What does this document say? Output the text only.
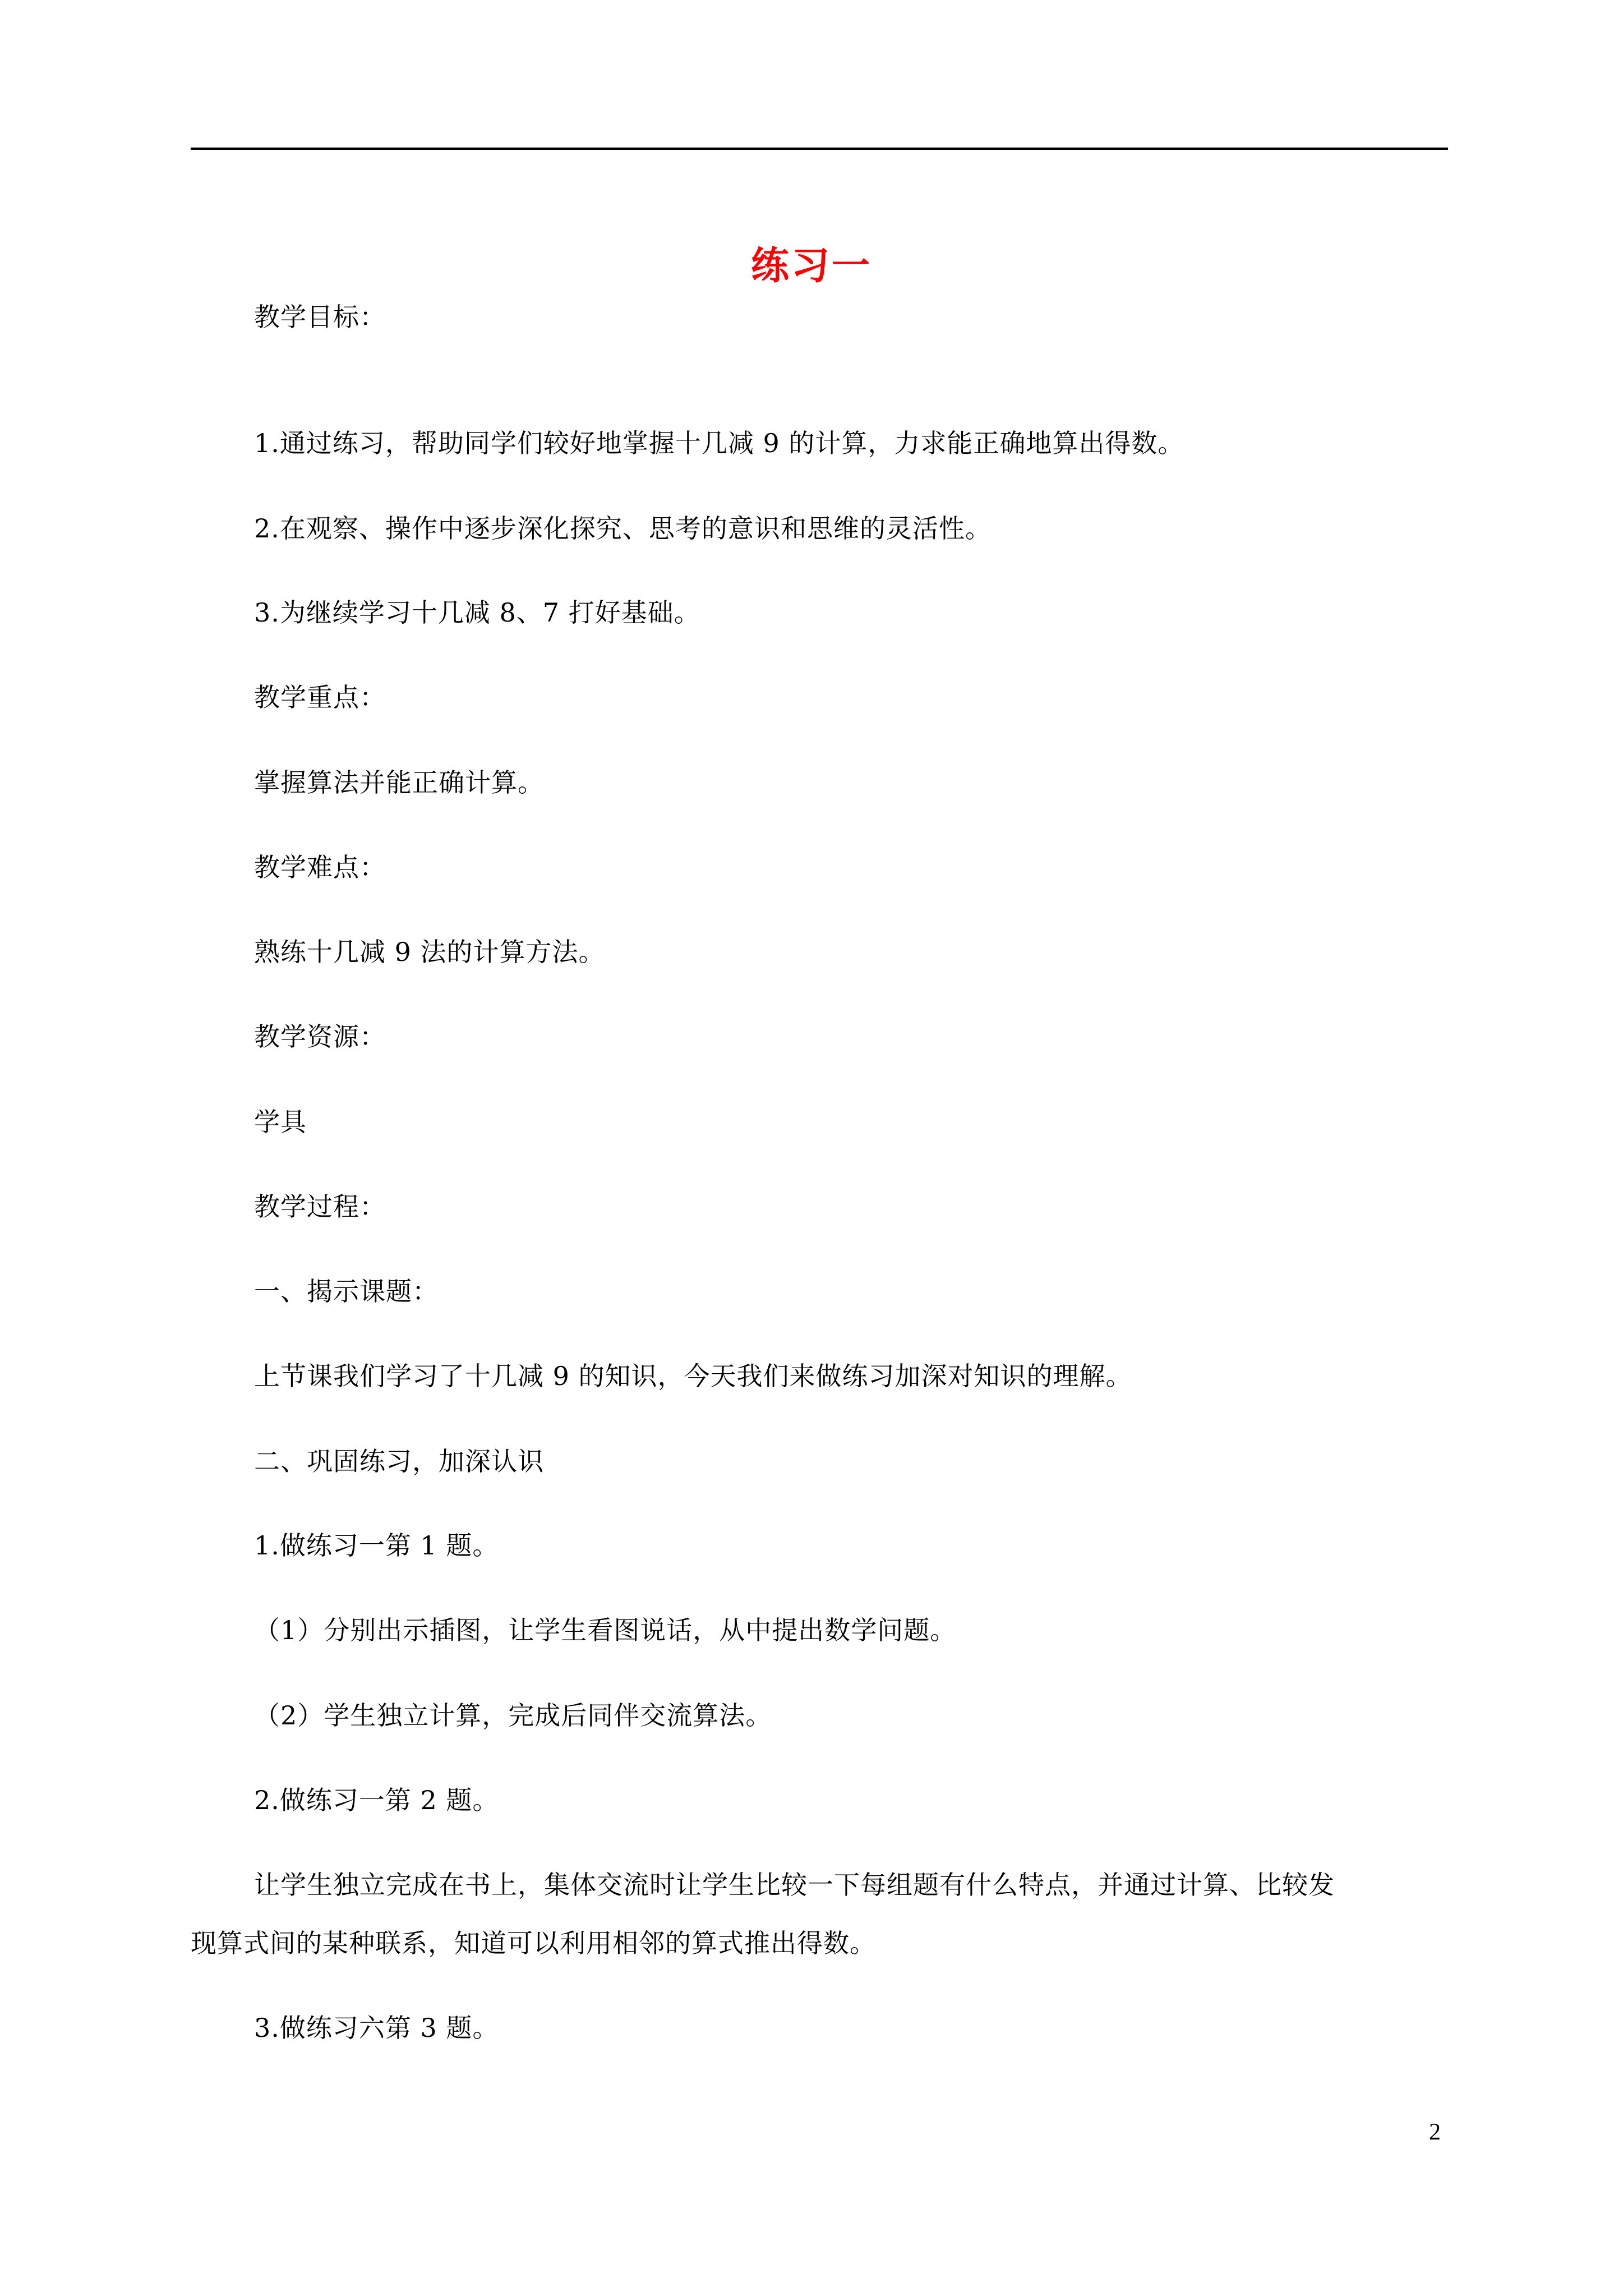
练习一
教学目标：
1.通过练习，帮助同学们较好地掌握十几减 9 的计算，力求能正确地算出得数。
2.在观察、操作中逐步深化探究、思考的意识和思维的灵活性。
3.为继续学习十几减 8、7 打好基础。
教学重点：
掌握算法并能正确计算。
教学难点：
熟练十几减 9 法的计算方法。
教学资源：
学具
教学过程：
一、揭示课题：
上节课我们学习了十几减 9 的知识，今天我们来做练习加深对知识的理解。
二、巩固练习，加深认识
1.做练习一第 1 题。
（1）分别出示插图，让学生看图说话，从中提出数学问题。
（2）学生独立计算，完成后同伴交流算法。
2.做练习一第 2 题。
让学生独立完成在书上，集体交流时让学生比较一下每组题有什么特点，并通过计算、比较发
现算式间的某种联系，知道可以利用相邻的算式推出得数。
3.做练习六第 3 题。
2
